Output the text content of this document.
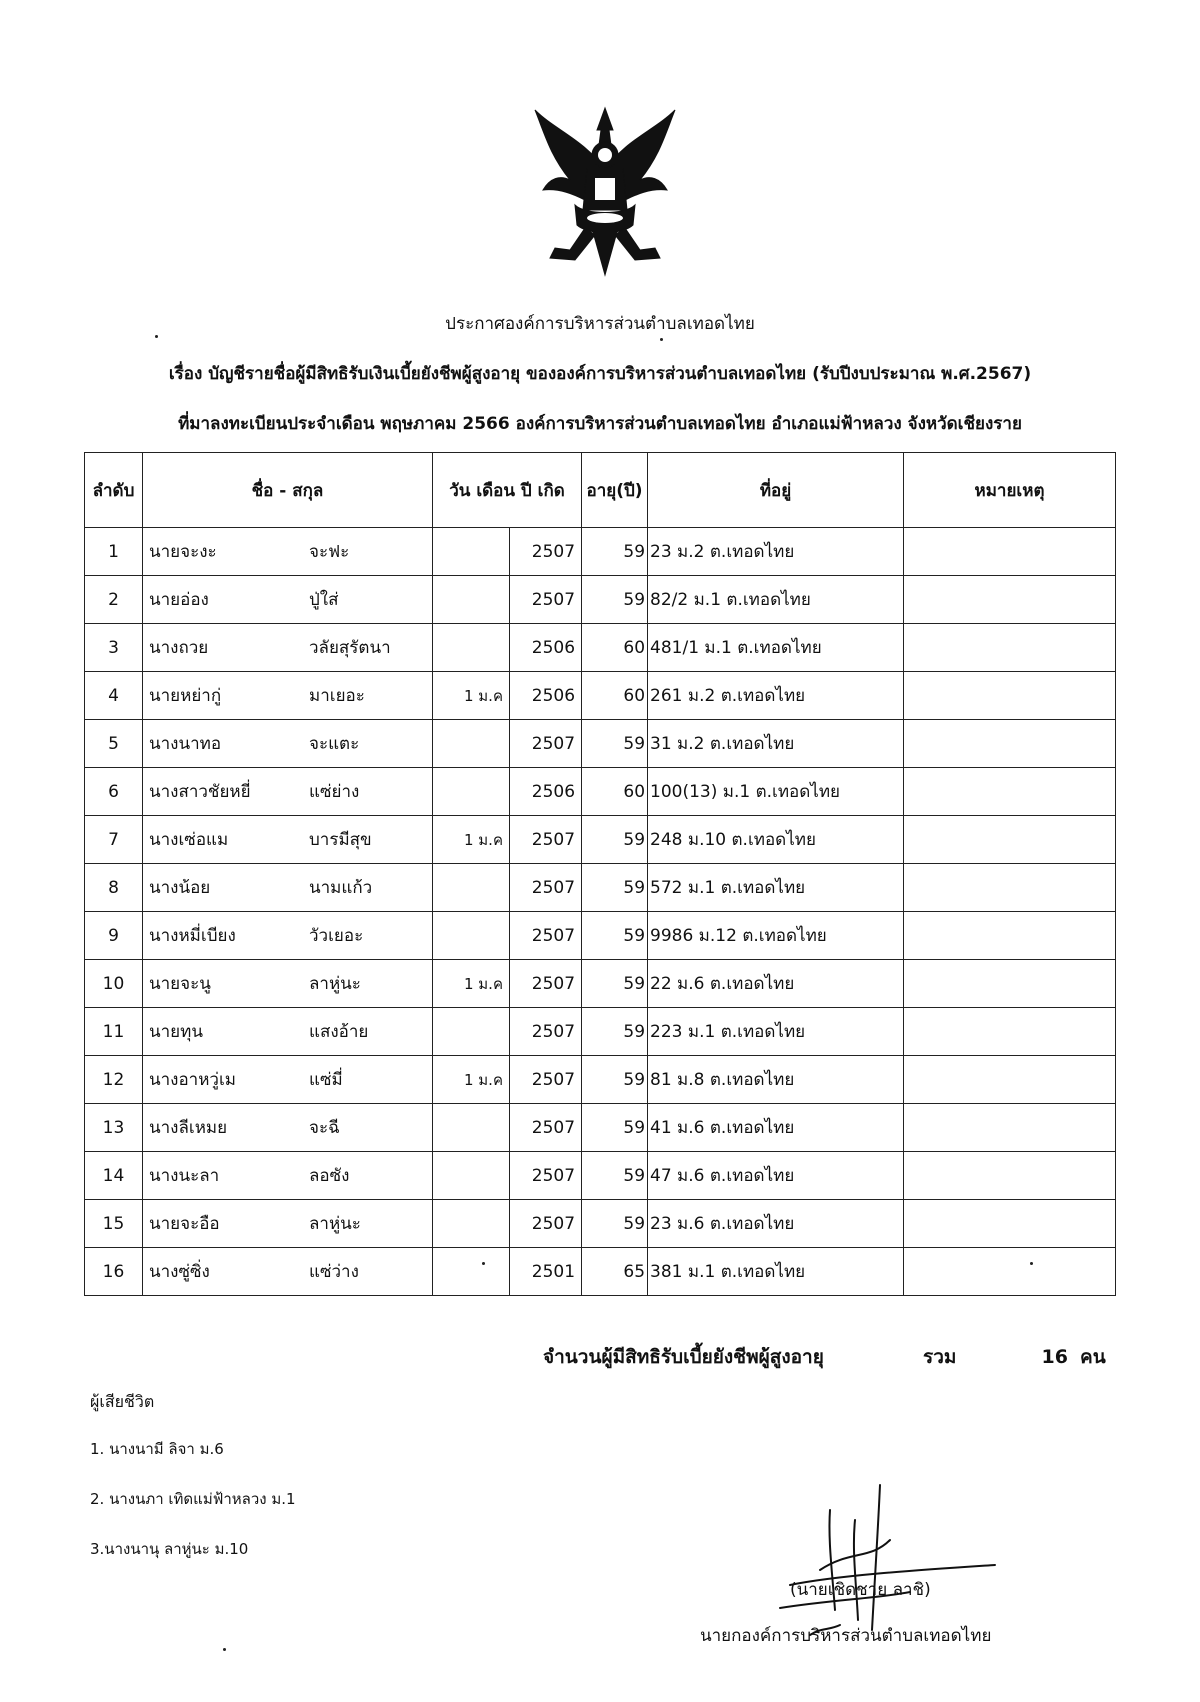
ประกาศองค์การบริหารส่วนตำบลเทอดไทย
เรื่อง บัญชีรายชื่อผู้มีสิทธิรับเงินเบี้ยยังชีพผู้สูงอายุ ขององค์การบริหารส่วนตำบลเทอดไทย (รับปีงบประมาณ พ.ศ.2567)
ที่มาลงทะเบียนประจำเดือน พฤษภาคม 2566 องค์การบริหารส่วนตำบลเทอดไทย อำเภอแม่ฟ้าหลวง จังหวัดเชียงราย
ลำดับ	ชื่อ - สกุล	วัน เดือน ปี เกิด		อายุ(ปี)	ที่อยู่	หมายเหตุ
1	นายจะงะ จะฟะ		2507	59	23 ม.2 ต.เทอดไทย	
2	นายอ่อง ปู่ใส่		2507	59	82/2 ม.1 ต.เทอดไทย	
3	นางถวย วลัยสุรัตนา		2506	60	481/1 ม.1 ต.เทอดไทย	
4	นายหย่ากู่ มาเยอะ	1 ม.ค	2506	60	261 ม.2 ต.เทอดไทย	
5	นางนาทอ จะแตะ		2507	59	31 ม.2 ต.เทอดไทย	
6	นางสาวชัยหยี่ แซ่ย่าง		2506	60	100(13) ม.1 ต.เทอดไทย	
7	นางเซ่อแม บารมีสุข	1 ม.ค	2507	59	248 ม.10 ต.เทอดไทย	
8	นางน้อย นามแก้ว		2507	59	572 ม.1 ต.เทอดไทย	
9	นางหมี่เบียง วัวเยอะ		2507	59	9986 ม.12 ต.เทอดไทย	
10	นายจะนู ลาหู่นะ	1 ม.ค	2507	59	22 ม.6 ต.เทอดไทย	
11	นายทุน แสงอ้าย		2507	59	223 ม.1 ต.เทอดไทย	
12	นางอาหวู่เม แซ่มี่	1 ม.ค	2507	59	81 ม.8 ต.เทอดไทย	
13	นางลีเหมย จะฉี		2507	59	41 ม.6 ต.เทอดไทย	
14	นางนะลา ลอซัง		2507	59	47 ม.6 ต.เทอดไทย	
15	นายจะอือ ลาหู่นะ		2507	59	23 ม.6 ต.เทอดไทย	
16	นางซู่ซิ่ง แซ่ว่าง		2501	65	381 ม.1 ต.เทอดไทย	
จำนวนผู้มีสิทธิรับเบี้ยยังชีพผู้สูงอายุ	รวม	16 คน
ผู้เสียชีวิต
1. นางนามี ลิจา ม.6
2. นางนภา เทิดแม่ฟ้าหลวง ม.1
3.นางนานุ ลาหู่นะ ม.10
(นายเชิดชาย ลาชิ)
นายกองค์การบริหารส่วนตำบลเทอดไทย
